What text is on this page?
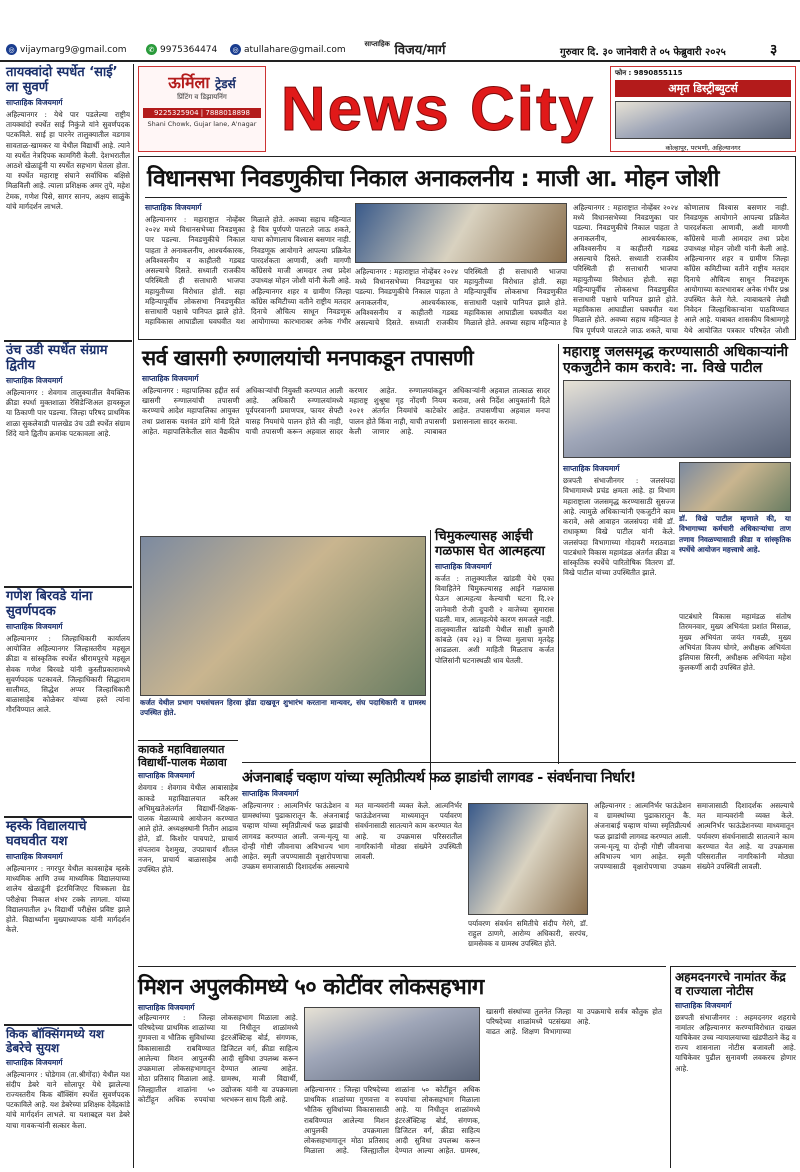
◎ vijaymarg9@gmail.com	✆ 9975364474	◎ atullahare@gmail.com
$^{साप्ताहिक}$ विजय/मार्ग	गुरुवार दि. ३० जानेवारी ते ०५ फेब्रुवारी २०२५	३
तायक्वांदो स्पर्धेत ‘साई’ ला सुवर्ण
साप्ताहिक विजयमार्ग
अहिल्यानगर : येथे पार पडलेल्या राष्ट्रीय तायक्वांदो स्पर्धेत साई निकुंजे यांने सुवर्णपदक पटकविले. साई हा पारनेर तालुक्यातील वडगाव सावताळ-खामकर या येथील विद्यार्थी आहे. त्याने या स्पर्धेत नेत्रदिपक कामगिरी केली. देशभरातील आठशे खेळाडूंनी या स्पर्धेत सहभाग घेतला होता. या स्पर्धेत महाराष्ट्र संघाने सर्वाधिक बक्षिसे मिळविली आहे. त्याला प्रशिक्षक अमर तुपे, महेश टेमक, गणेश पिसे, सागर सानप, अक्षय साळुंके यांचे मार्गदर्शन लाभले.
उंच उडी स्पर्धेत संग्राम द्वितीय
साप्ताहिक विजयमार्ग
अहिल्यानगर : शेवगाव तालुक्यातील वैयक्तिक क्रीडा स्पर्धा मुक्तशाळा रेसिडेन्शिअल हायस्कूल या ठिकाणी पार पडल्या. जिल्हा परिषद प्राथमिक शाळा सुकलेवाडी पालखेड उंच उडी स्पर्धेत संग्राम शिंदे याने द्वितीय क्रमांक पटकावला आहे.
गणेश बिरवडे यांना सुवर्णपदक
साप्ताहिक विजयमार्ग
अहिल्यानगर : जिल्हाधिकारी कार्यालय आयोजित अहिल्यानगर जिल्हास्तरीय महसूल क्रीडा व सांस्कृतिक स्पर्धेत श्रीरामपूरचे महसूल सेवक गणेश बिरवडे यांनी कुस्तीप्रकारामध्ये सुवर्णपदक पटकावले. जिल्हाधिकारी सिद्धाराम सालीमठ, सिद्धेश अप्पर जिल्हाधिकारी बाळासाहेब कोळेकर यांच्या हस्ते त्यांना गौरविण्यात आले.
म्हस्के विद्यालयाचे घवघवीत यश
साप्ताहिक विजयमार्ग
अहिल्यानगर : नगरपुर येथील कावसाहेब म्हस्के माध्यमिक आणि उच्च माध्यमिक विद्यालयाच्या शालेय खेळाडूंनी इंटरमिजिएट चित्रकला ग्रेड परीक्षेचा निकाल शंभर टक्के लागला. यांच्या विद्यालयातील ३५ विद्यार्थी परीक्षेस प्रविष्ट झाले होते. विद्यार्थ्यांना मुख्याध्यापक यांनी मार्गदर्शन केले.
किक बॉक्सिंगमध्ये यश डेबरेचे सुयश
साप्ताहिक विजयमार्ग
अहिल्यानगर : घोडेगाव (ता.श्रीगोंदा) येथील यश संदीप डेबरे याने सोलापूर येथे झालेल्या राज्यस्तरीय किक बॉक्सिंग स्पर्धेत सुवर्णपदक पटकाविले आहे. यश डेबरेच्या प्रशिक्षक देवेंद्रकांडे यांचे मार्गदर्शन लाभले. या यशाबद्दल यश डेबरे याचा गावकऱ्यांनी सत्कार केला.
ऊर्मिला ट्रेडर्स
प्रिंटिंग व डिझायनिंग
9225325904 | 7888018898
Shani Chowk, Gujar lane, A'nagar News City
फोन : 9890855115
अमृत डिस्ट्रीब्युटर्स
कोल्हापूर, परभणी, अहिल्यानगर
विधानसभा निवडणुकीचा निकाल अनाकलनीय : माजी आ. मोहन जोशी
साप्ताहिक विजयमार्ग
अहिल्यानगर : महाराष्ट्रात नोव्हेंबर २०२४ मध्ये विधानसभेच्या निवडणुका पार पडल्या. निवडणुकीचे निकाल पाहता ते अनाकलनीय, आश्चर्यकारक, अविश्वसनीय व काहीतरी गडबड असल्याचे दिसते. सध्याती राजकीय परिस्थिती ही सत्ताधारी भाजपा महायुतीच्या विरोधात होती. सहा महिन्यापूर्वीच लोकसभा निवडणुकीत सत्ताधारी पक्षाचे पानिपत झाले होते. महाविकास आघाडीला घवघवीत यश मिळाले होते. अवघ्या सहाच महिन्यात हे चित्र पूर्णपणे पालटले जाऊ शकते, याचा कोणालाच विश्वास बसणार नाही. निवडणूक आयोगाने आपल्या प्रक्रियेत पारदर्शकता आणावी, अशी मागणी काँग्रेसचे माजी आमदार तथा प्रदेश उपाध्यक्ष मोहन जोशी यांनी केली आहे. अहिल्यानगर शहर व ग्रामीण जिल्हा काँग्रेस कमिटीच्या वतीने राष्ट्रीय मतदार दिनाचे औचित्य साधून निवडणूक आयोगाच्या कारभाराबर अनेक गंभीर
अहिल्यानगर : महाराष्ट्रात नोव्हेंबर २०२४ मध्ये विधानसभेच्या निवडणुका पार पडल्या. निवडणुकीचे निकाल पाहता ते अनाकलनीय, आश्चर्यकारक, अविश्वसनीय व काहीतरी गडबड असल्याचे दिसते. सध्याती राजकीय परिस्थिती ही सत्ताधारी भाजपा महायुतीच्या विरोधात होती. सहा महिन्यापूर्वीच लोकसभा निवडणुकीत सत्ताधारी पक्षाचे पानिपत झाले होते. महाविकास आघाडीला घवघवीत यश मिळाले होते. अवघ्या सहाच महिन्यात हे
अहिल्यानगर : महाराष्ट्रात नोव्हेंबर २०२४ मध्ये विधानसभेच्या निवडणुका पार पडल्या. निवडणुकीचे निकाल पाहता ते अनाकलनीय, आश्चर्यकारक, अविश्वसनीय व काहीतरी गडबड असल्याचे दिसते. सध्याती राजकीय परिस्थिती ही सत्ताधारी भाजपा महायुतीच्या विरोधात होती. सहा महिन्यापूर्वीच लोकसभा निवडणुकीत सत्ताधारी पक्षाचे पानिपत झाले होते. महाविकास आघाडीला घवघवीत यश मिळाले होते. अवघ्या सहाच महिन्यात हे चित्र पूर्णपणे पालटले जाऊ शकते, याचा कोणालाच विश्वास बसणार नाही. निवडणूक आयोगाने आपल्या प्रक्रियेत पारदर्शकता आणावी, अशी मागणी काँग्रेसचे माजी आमदार तथा प्रदेश उपाध्यक्ष मोहन जोशी यांनी केली आहे. अहिल्यानगर शहर व ग्रामीण जिल्हा काँग्रेस कमिटीच्या वतीने राष्ट्रीय मतदार दिनाचे औचित्य साधून निवडणूक आयोगाच्या कारभाराबर अनेक गंभीर प्रश्न उपस्थित केले गेले. त्याबाबतचे लेखी निवेदन जिल्हाधिकाऱ्यांना पाठविण्यात आले आहे. याबाबत शासकीय विश्रामगृहे येथे आयोजित पत्रकार परिषदेत जोशी
सर्व खासगी रुग्णालयांची मनपाकडून तपासणी
साप्ताहिक विजयमार्ग
अहिल्यानगर : महापालिका हद्दीत सर्व खासगी रुग्णालयांची तपासणी करण्याचे आदेश महापालिका आयुक्त तथा प्रशासक यशवंत डांगे यांनी दिले आहेत. महापालिकेतील सात वैद्यकीय अधिकाऱ्यांची नियुक्ती करण्यात आली आहे. अधिकारी रुग्णालयांमध्ये पूर्वपरवानगी प्रमाणपत्र, फायर सेफ्टी यासह नियमांचे पालन होते की नाही, याची तपासणी करून अहवाल सादर करणार आहेत. रुग्णालयांकडून महाराष्ट्र शुश्रूषा गृह नोंदणी नियम २०२१ अंतर्गत नियमांचे काटेकोर पालन होते किंवा नाही, याची तपासणी केली जाणार आहे. त्याबाबत अधिकाऱ्यांनी अहवाल तात्काळ सादर करावा, असे निर्देश आयुक्तांनी दिले आहेत. तपासणीचा अहवाल मनपा प्रशासनाला सादर करावा.
चिमुकल्यासह आईची गळफास घेत आत्महत्या
साप्ताहिक विजयमार्ग
कर्जत : तालुक्यातील खांडवी येथे एका विवाहितेने चिमुकल्यासह आईने गळफास घेऊन आत्महत्या केल्याची घटना दि.२२ जानेवारी रोजी दुपारी २ वाजेच्या सुमारास घडली. मात्र, आत्महत्येचे कारण समजले नाही. तालुक्यातील खांडवी येथील साक्षी कुमारी कांबळे (वय २३) व तिच्या मुलाचा मृतदेह आढळला. अशी माहिती मिळताच कर्जत पोलिसांनी घटनास्थळी धाव घेतली.
कर्जत येथील प्रभाग पथसंचलन हिरवा झेंडा दाखवून शुभारंभ करताना मान्यवर, संघ पदाधिकारी व ग्रामस्थ उपस्थित होते.
महाराष्ट्र जलसमृद्ध करण्यासाठी अधिकाऱ्यांनी एकजुटीने काम करावे: ना. विखे पाटील
साप्ताहिक विजयमार्ग
छत्रपती संभाजीनगर : जलसंपदा विभागामध्ये प्रचंड क्षमता आहे. हा विभाग महाराष्ट्राला जलसमृद्ध करण्यासाठी सुसज्ज आहे. त्यामुळे अधिकाऱ्यांनी एकजुटीने काम करावे, असे आवाहन जलसंपदा मंत्री डॉ. राधाकृष्ण विखे पाटील यांनी केले. जलसंपदा विभागाच्या गोदावरी मराठवाडा पाटबंधारे विकास महामंडळ अंतर्गत क्रीडा व सांस्कृतिक स्पर्धेचे पारितोषिक वितरण डॉ. विखे पाटील यांच्या उपस्थितीत झाले.
डॉ. विखे पाटील म्हणाले की, या विभागाच्या कर्मचारी अधिकाऱ्यांचा ताण तणाव निवळण्यासाठी क्रीडा व सांस्कृतिक स्पर्धेचे आयोजन महत्त्वाचे आहे.
पाटबंधारे विकास महामंडळ संतोष तिरमनवार, मुख्य अभियंता प्रशांत मिसाळ, मुख्य अभियंता जयंत गवळी, मुख्य अभियंता विजय घोगरे, अधीक्षक अभियंता इलियास सिरनी, अधीक्षक अभियंता महेश कुलकर्णी आदी उपस्थित होते.
काकडे महाविद्यालयात विद्यार्थी-पालक मेळावा
साप्ताहिक विजयमार्ग
शेवगाव : शेवगाव येथील आबासाहेब काकडे महाविद्यालयात करिअर अभिमुखतेअंतर्गत विद्यार्थी-शिक्षक-पालक मेळाव्याचे आयोजन करण्यात आले होते. अध्यक्षस्थानी नितीन आढाव होते, डॉ. किशोर पाचपाटे, प्राचार्य संपतराव देशमुख, उपप्राचार्य शीतल नजन, प्राचार्य बाळासाहेब आदी उपस्थित होते.
अंजनाबाई चव्हाण यांच्या स्मृतिप्रीत्यर्थ फळ झाडांची लागवड - संवर्धनाचा निर्धार!
साप्ताहिक विजयमार्ग
अहिल्यानगर : आत्मनिर्भर फाऊंडेशन व ग्रामस्थांच्या पुढाकारातून कै. अंजनाबाई चव्हाण यांच्या स्मृतिप्रीत्यर्थ फळ झाडांची लागवड करण्यात आली. जन्म-मृत्यू या दोन्ही गोष्टी जीवनाचा अविभाज्य भाग आहेत. स्मृती जपण्यासाठी वृक्षारोपणाचा उपक्रम समाजासाठी दिशादर्शक असल्याचे मत मान्यवरांनी व्यक्त केले. आत्मनिर्भर फाऊंडेशनच्या माध्यमातून पर्यावरण संवर्धनासाठी सातत्याने काम करण्यात येत आहे. या उपक्रमास परिसरातील नागरिकांनी मोठ्या संख्येने उपस्थिती लावली.
अहिल्यानगर : आत्मनिर्भर फाऊंडेशन व ग्रामस्थांच्या पुढाकारातून कै. अंजनाबाई चव्हाण यांच्या स्मृतिप्रीत्यर्थ फळ झाडांची लागवड करण्यात आली. जन्म-मृत्यू या दोन्ही गोष्टी जीवनाचा अविभाज्य भाग आहेत. स्मृती जपण्यासाठी वृक्षारोपणाचा उपक्रम समाजासाठी दिशादर्शक असल्याचे मत मान्यवरांनी व्यक्त केले. आत्मनिर्भर फाऊंडेशनच्या माध्यमातून पर्यावरण संवर्धनासाठी सातत्याने काम करण्यात येत आहे. या उपक्रमास परिसरातील नागरिकांनी मोठ्या संख्येने उपस्थिती लावली.
पर्यावरण संवर्धन समितीचे संदीप गेरंगे, डॉ. राहुल ठाणगे, आरोग्य अधिकारी, सरपंच, ग्रामसेवक व ग्रामस्थ उपस्थित होते.
मिशन अपुलकीमध्ये ५० कोटींवर लोकसहभाग
साप्ताहिक विजयमार्ग
अहिल्यानगर : जिल्हा परिषदेच्या प्राथमिक शाळांच्या गुणवत्ता व भौतिक सुविधांच्या विकासासाठी राबविण्यात आलेल्या मिशन आपुलकी उपक्रमाला लोकसहभागातून मोठा प्रतिसाद मिळाला आहे. जिल्ह्यातील शाळांना ५० कोटींहून अधिक रुपयांचा लोकसहभाग मिळाला आहे. या निधीतून शाळांमध्ये इंटरॲक्टिव्ह बोर्ड, संगणक, डिजिटल वर्ग, क्रीडा साहित्य आदी सुविधा उपलब्ध करून देण्यात आल्या आहेत. ग्रामस्थ, माजी विद्यार्थी, उद्योजक यांनी या उपक्रमाला भरभरून साथ दिली आहे.
अहिल्यानगर : जिल्हा परिषदेच्या प्राथमिक शाळांच्या गुणवत्ता व भौतिक सुविधांच्या विकासासाठी राबविण्यात आलेल्या मिशन आपुलकी उपक्रमाला लोकसहभागातून मोठा प्रतिसाद मिळाला आहे. जिल्ह्यातील शाळांना ५० कोटींहून अधिक रुपयांचा लोकसहभाग मिळाला आहे. या निधीतून शाळांमध्ये इंटरॲक्टिव्ह बोर्ड, संगणक, डिजिटल वर्ग, क्रीडा साहित्य आदी सुविधा उपलब्ध करून देण्यात आल्या आहेत. ग्रामस्थ,
खासगी संस्थांच्या तुलनेत जिल्हा परिषदेच्या शाळांमध्ये पटसंख्या वाढत आहे. शिक्षण विभागाच्या या उपक्रमाचे सर्वत्र कौतुक होत आहे.
अहमदनगरचे नामांतर केंद्र व राज्याला नोटीस
साप्ताहिक विजयमार्ग
छत्रपती संभाजीनगर : अहमदनगर शहराचे नामांतर अहिल्यानगर करण्याविरोधात दाखल याचिकेवर उच्च न्यायालयाच्या खंडपीठाने केंद्र व राज्य शासनाला नोटीस बजावली आहे. याचिकेवर पुढील सुनावणी लवकरच होणार आहे.
